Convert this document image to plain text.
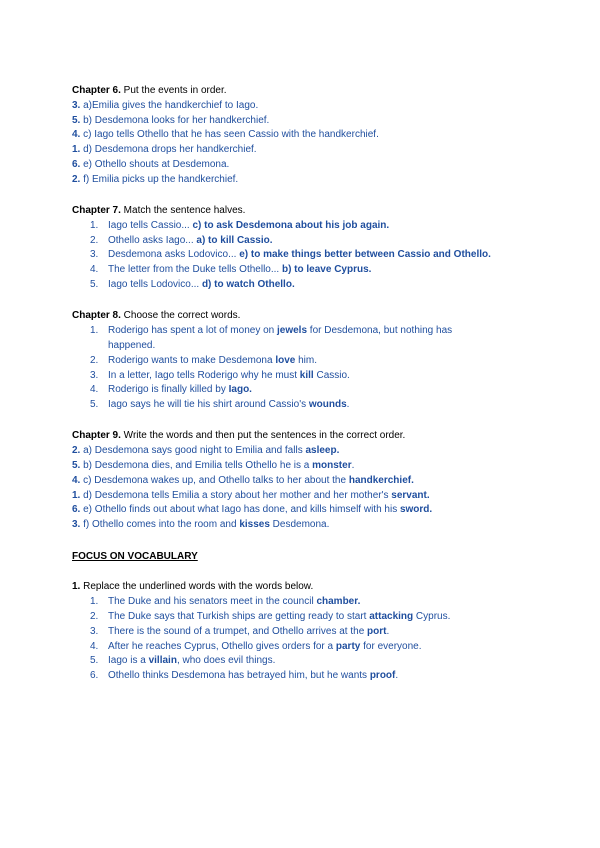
Chapter 6. Put the events in order.
3. a)Emilia gives the handkerchief to Iago.
5. b) Desdemona looks for her handkerchief.
4. c) Iago tells Othello that he has seen Cassio with the handkerchief.
1. d) Desdemona drops her handkerchief.
6. e) Othello shouts at Desdemona.
2. f) Emilia picks up the handkerchief.
Chapter 7. Match the sentence halves.
1. Iago tells Cassio... c) to ask Desdemona about his job again.
2. Othello asks Iago... a) to kill Cassio.
3. Desdemona asks Lodovico... e) to make things better between Cassio and Othello.
4. The letter from the Duke tells Othello... b) to leave Cyprus.
5. Iago tells Lodovico... d) to watch Othello.
Chapter 8. Choose the correct words.
1. Roderigo has spent a lot of money on jewels for Desdemona, but nothing has happened.
2. Roderigo wants to make Desdemona love him.
3. In a letter, Iago tells Roderigo why he must kill Cassio.
4. Roderigo is finally killed by Iago.
5. Iago says he will tie his shirt around Cassio's wounds.
Chapter 9. Write the words and then put the sentences in the correct order.
2. a) Desdemona says good night to Emilia and falls asleep.
5. b) Desdemona dies, and Emilia tells Othello he is a monster.
4. c) Desdemona wakes up, and Othello talks to her about the handkerchief.
1. d) Desdemona tells Emilia a story about her mother and her mother's servant.
6. e) Othello finds out about what Iago has done, and kills himself with his sword.
3. f) Othello comes into the room and kisses Desdemona.
FOCUS ON VOCABULARY
1. Replace the underlined words with the words below.
1. The Duke and his senators meet in the council chamber.
2. The Duke says that Turkish ships are getting ready to start attacking Cyprus.
3. There is the sound of a trumpet, and Othello arrives at the port.
4. After he reaches Cyprus, Othello gives orders for a party for everyone.
5. Iago is a villain, who does evil things.
6. Othello thinks Desdemona has betrayed him, but he wants proof.
